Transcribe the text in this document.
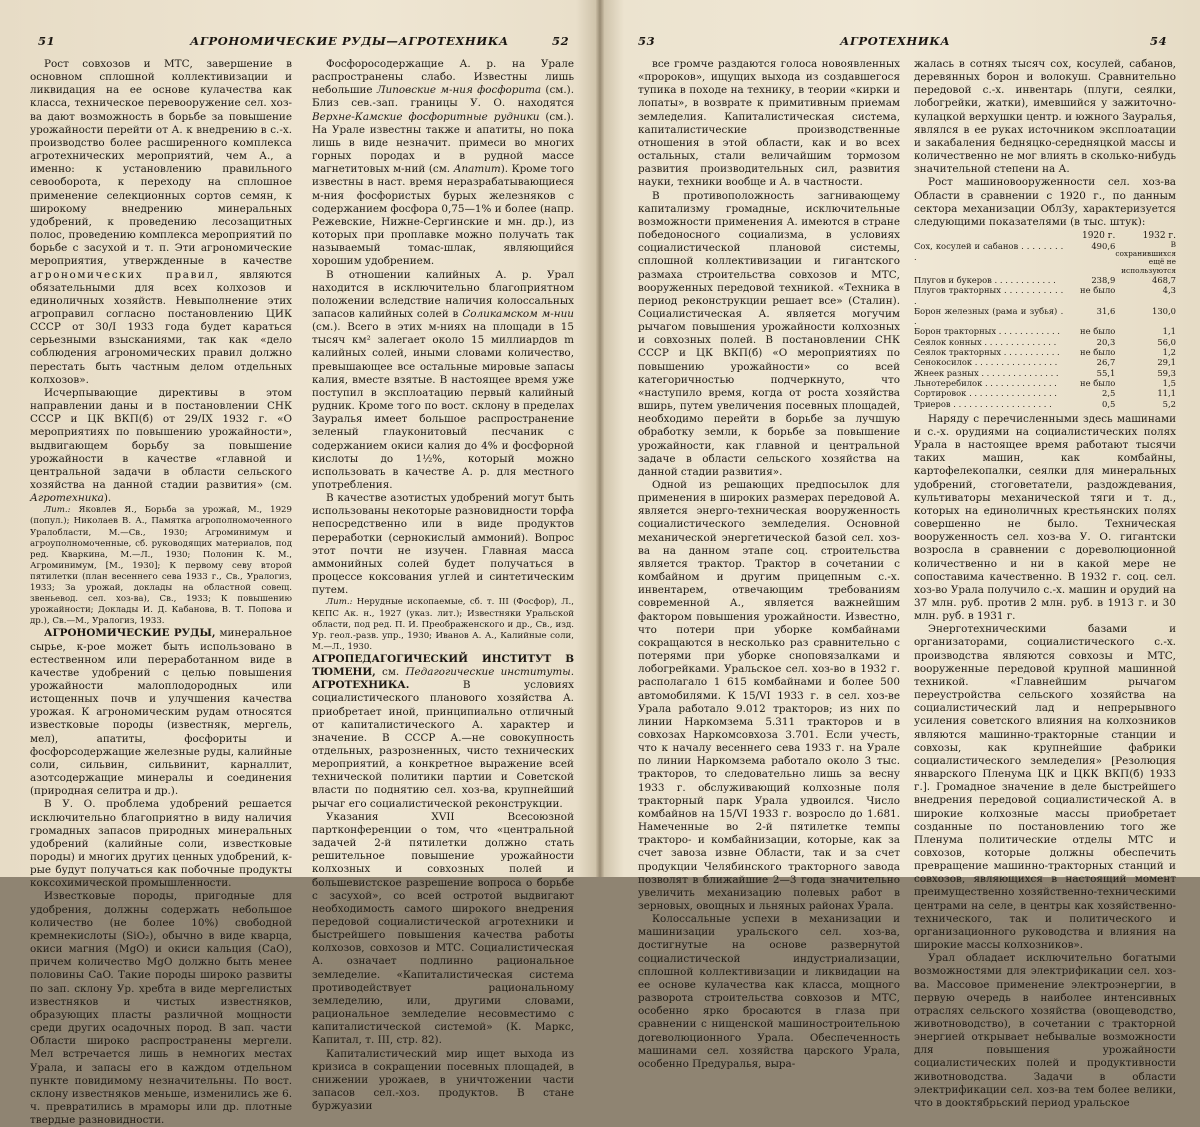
51	АГРОНОМИЧЕСКИЕ РУДЫ—АГРОТЕХНИКА	52

Рост совхозов и МТС, завершение в основном сплошной коллективизации и ликвидация на ее основе кулачества как класса, техническое перевооружение сел. хоз-ва дают возможность в борьбе за повышение урожайности перейти от А. к внедрению в с.-х. производство более расширенного комплекса агротехнических мероприятий, чем А., а именно: к установлению правильного севооборота, к переходу на сплошное применение селекционных сортов семян, к широкому внедрению минеральных удобрений, к проведению лесозащитных полос, проведению комплекса мероприятий по борьбе с засухой и т. п. Эти агрономические мероприятия, утвержденные в качестве агрономических правил, являются обязательными для всех колхозов и единоличных хозяйств. Невыполнение этих агроправил согласно постановлению ЦИК СССР от 30/I 1933 года будет караться серьезными взысканиями, так как «дело соблюдения агрономических правил должно перестать быть частным делом отдельных колхозов».

Исчерпывающие директивы в этом направлении даны и в постановлении СНК СССР и ЦК ВКП(б) от 29/IX 1932 г. «О мероприятиях по повышению урожайности», выдвигающем борьбу за повышение урожайности в качестве «главной и центральной задачи в области сельского хозяйства на данной стадии развития» (см. Агротехника).

Лит.: Яковлев Я., Борьба за урожай, М., 1929 (попул.); Николаев В. А., Памятка агрополномоченного Уралобласти, М.—Св., 1930; Агроминимум и агроуполномоченные, сб. руководящих материалов, под ред. Кваркина, М.—Л., 1930; Полонин К. М., Агроминимум, [М., 1930]; К первому севу второй пятилетки (план весеннего сева 1933 г., Св., Уралогиз, 1933; За урожай, доклады на областной совещ. звеньевод. сел. хоз-ва), Св., 1933; К повышению урожайности; Доклады И. Д. Кабанова, В. Т. Попова и др.), Св.—М., Уралогиз, 1933.

АГРОНОМИЧЕСКИЕ РУДЫ, минеральное сырье, к-рое может быть использовано в естественном или переработанном виде в качестве удобрений с целью повышения урожайности малоплодородных или истощенных почв и улучшения качества урожая. К агрономическим рудам относятся известковые породы (известняк, мергель, мел), апатиты, фосфориты и фосфорсодержащие железные руды, калийные соли, сильвин, сильвинит, карналлит, азотсодержащие минералы и соединения (природная селитра и др.).

В У. О. проблема удобрений решается исключительно благоприятно в виду наличия громадных запасов природных минеральных удобрений (калийные соли, известковые породы) и многих других ценных удобрений, к-рые будут получаться как побочные продукты коксохимической промышленности.

Известковые породы, пригодные для удобрения, должны содержать небольшое количество (не более 10%) свободной кремнекислоты (SiO₂), обычно в виде кварца, окиси магния (MgO) и окиси кальция (CaO), причем количество MgO должно быть менее половины CaO. Такие породы широко развиты по зап. склону Ур. хребта в виде мергелистых известняков и чистых известняков, образующих пласты различной мощности среди других осадочных пород. В зап. части Области широко распространены мергели. Мел встречается лишь в немногих местах Урала, и запасы его в каждом отдельном пункте повидимому незначительны. По вост. склону известняков меньше, изменились же 6. ч. превратились в мраморы или др. плотные твердые разновидности.

Фосфоросодержащие А. р. на Урале распространены слабо. Известны лишь небольшие Липовские м-ния фосфорита (см.). Близ сев.-зап. границы У. О. находятся Верхне-Камские фосфоритные рудники (см.). На Урале известны также и апатиты, но пока лишь в виде незначит. примеси во многих горных породах и в рудной массе магнетитовых м-ний (см. Апатит). Кроме того известны в наст. время неразрабатывающиеся м-ния фосфористых бурых железняков с содержанием фосфора 0,75—1% и более (напр. Режевские, Нижне-Сергинские и мн. др.), из которых при проплавке можно получать так называемый томас-шлак, являющийся хорошим удобрением.

В отношении калийных А. р. Урал находится в исключительно благоприятном положении вследствие наличия колоссальных запасов калийных солей в Соликамском м-нии (см.). Всего в этих м-ниях на площади в 15 тысяч км² залегает около 15 миллиардов m калийных солей, иными словами количество, превышающее все остальные мировые запасы калия, вместе взятые. В настоящее время уже поступил в эксплоатацию первый калийный рудник. Кроме того по вост. склону в пределах Зауралья имеет большое распространение зеленый глауконитовый песчаник с содержанием окиси калия до 4% и фосфорной кислоты до 1½%, который можно использовать в качестве А. р. для местного употребления.

В качестве азотистых удобрений могут быть использованы некоторые разновидности торфа непосредственно или в виде продуктов переработки (сернокислый аммоний). Вопрос этот почти не изучен. Главная масса аммонийных солей будет получаться в процессе коксования углей и синтетическим путем.

Лит.: Нерудные ископаемые, сб. т. III (Фосфор), Л., КЕПС Ак. н., 1927 (указ. лит.); Известняки Уральской области, под ред. П. И. Преображенского и др., Св., изд. Ур. геол.-разв. упр., 1930; Иванов А. А., Калийные соли, М.—Л., 1930.

АГРОПЕДАГОГИЧЕСКИЙ ИНСТИТУТ В ТЮМЕНИ, см. Педагогические институты. АГРОТЕХНИКА.	В условиях социалистического планового хозяйства А. приобретает иной, принципиально отличный от капиталистического А. характер и значение. В СССР А.—не совокупность отдельных, разрозненных, чисто технических мероприятий, а конкретное выражение всей технической политики партии и Советской власти по поднятию сел. хоз-ва, крупнейший рычаг его социалистической реконструкции.

Указания XVII Всесоюзной партконференции о том, что «центральной задачей 2-й пятилетки должно стать решительное повышение урожайности колхозных и совхозных полей и большевистское разрешение вопроса о борьбе с засухой», со всей остротой выдвигают необходимость самого широкого внедрения передовой социалистической агротехники и быстрейшего повышения качества работы колхозов, совхозов и МТС. Социалистическая А. означает подлинно рациональное земледелие. «Капиталистическая система противодействует рациональному земледелию, или, другими словами, рациональное земледелие несовместимо с капиталистической системой» (К. Маркс, Капитал, т. III, стр. 82).

Капиталистический мир ищет выхода из кризиса в сокращении посевных площадей, в снижении урожаев, в уничтожении части запасов сел.-хоз. продуктов. В стане буржуазии

53	АГРОТЕХНИКА	54

все громче раздаются голоса новоявленных «пророков», ищущих выхода из создавшегося тупика в походе на технику, в теории «кирки и лопаты», в возврате к примитивным приемам земледелия. Капиталистическая система, капиталистические производственные отношения в этой области, как и во всех остальных, стали величайшим тормозом развития производительных сил, развития науки, техники вообще и А. в частности.

В противоположность загнивающему капитализму громадные, исключительные возможности применения А. имеются в стране победоносного социализма, в условиях социалистической плановой системы, сплошной коллективизации и гигантского размаха строительства совхозов и МТС, вооруженных передовой техникой. «Техника в период реконструкции решает все» (Сталин). Социалистическая А. является могучим рычагом повышения урожайности колхозных и совхозных полей. В постановлении СНК СССР и ЦК ВКП(б) «О мероприятиях по повышению урожайности» со всей категоричностью подчеркнуто, что «наступило время, когда от роста хозяйства вширь, путем увеличения посевных площадей, необходимо перейти в борьбе за лучшую обработку земли, к борьбе за повышение урожайности, как главной и центральной задаче в области сельского хозяйства на данной стадии развития».

Одной из решающих предпосылок для применения в широких размерах передовой А. является энерго-техническая вооруженность социалистического земледелия. Основной механической энергетической базой сел. хоз-ва на данном этапе соц. строительства является трактор. Трактор в сочетании с комбайном и другим прицепным с.-х. инвентарем, отвечающим требованиям современной А., является важнейшим фактором повышения урожайности. Известно, что потери при уборке комбайнами сокращаются в несколько раз сравнительно с потерями при уборке сноповязалками и лобогрейками. Уральское сел. хоз-во в 1932 г. располагало 1 615 комбайнами и более 500 автомобилями. К 15/VI 1933 г. в сел. хоз-ве Урала работало 9.012 тракторов; из них по линии Наркомзема 5.311 тракторов и в совхозах Наркомсовхоза 3.701. Если учесть, что к началу весеннего сева 1933 г. на Урале по линии Наркомзема работало около 3 тыс. тракторов, то следовательно лишь за весну 1933 г. обслуживающий колхозные поля тракторный парк Урала удвоился. Число комбайнов на 15/VI 1933 г. возросло до 1.681. Намеченные во 2-й пятилетке темпы тракторо- и комбайнизации, которые, как за счет завоза извне Области, так и за счет продукции Челябинского тракторного завода позволят в ближайшие 2—3 года значительно увеличить механизацию полевых работ в зерновых, овощных и льняных районах Урала.

Колоссальные успехи в механизации и машинизации уральского сел. хоз-ва, достигнутые на основе развернутой социалистической индустриализации, сплошной коллективизации и ликвидации на ее основе кулачества как класса, мощного разворота строительства совхозов и МТС, особенно ярко бросаются в глаза при сравнении с нищенской машиностроительною доreволюционного Урала. Обеспеченность машинами сел. хозяйства царского Урала, особенно Предуралья, выра-

жалась в сотнях тысяч сох, косулей, сабанов, деревянных борон и волокуш. Сравнительно передовой с.-х. инвентарь (плуги, сеялки, лобогрейки, жатки), имевшийся у зажиточно-кулацкой верхушки центр. и южного Зауралья, являлся в ее руках источником эксплоатации и закабаления бедняцко-середняцкой массы и количественно не мог влиять в сколько-нибудь значительной степени на А.

Рост машиновооруженности сел. хоз-ва Области в сравнении с 1920 г., по данным сектора механизации ОблЗу, характеризуется следующими показателями (в тыс. штук):

	1920 г.	1932 г.
Сох, косулей и сабанов . . . . . . . . .	490,6	В сохранившихся ещё не используются
Плугов и букеров . . . . . . . . . . . .	238,9	468,7
Плугов тракторных . . . . . . . . . . . .	не было	4,3
Борон железных (рама и зубья) . .	31,6	130,0
Борон тракторных . . . . . . . . . . . .	не было	1,1
Сеялок конных . . . . . . . . . . . . . .	20,3	56,0
Сеялок тракторных . . . . . . . . . . .	не было	1,2
Сенокосилок . . . . . . . . . . . . . . . .	26,7	29,1
Жнеек разных . . . . . . . . . . . . . . .	55,1	59,3
Льнотеребилок . . . . . . . . . . . . . .	не было	1,5
Сортировок . . . . . . . . . . . . . . . . .	2,5	11,1
Триеров . . . . . . . . . . . . . . . . . . .	0,5	5,2

Наряду с перечисленными здесь машинами и с.-х. орудиями на социалистических полях Урала в настоящее время работают тысячи таких машин, как комбайны, картофелекопалки, сеялки для минеральных удобрений, стоговетатели, раздождевания, культиваторы механической тяги и т. д., которых на единоличных крестьянских полях совершенно не было. Техническая вооруженность сел. хоз-ва У. О. гигантски возросла в сравнении с дореволюционной количественно и ни в какой мере не сопоставима качественно. В 1932 г. соц. сел. хоз-во Урала получило с.-х. машин и орудий на 37 млн. руб. против 2 млн. руб. в 1913 г. и 30 млн. руб. в 1931 г.

Энерготехническими базами и организаторами, социалистического с.-х. производства являются совхозы и МТС, вооруженные передовой крупной машинной техникой. «Главнейшим рычагом переустройства сельского хозяйства на социалистический лад и непрерывного усиления советского влияния на колхозников являются машинно-тракторные станции и совхозы, как крупнейшие фабрики социалистического земледелия» [Резолюция январского Пленума ЦК и ЦКК ВКП(б) 1933 г.]. Громадное значение в деле быстрейшего внедрения передовой социалистической А. в широкие колхозные массы приобретает созданные по постановлению того же Пленума политические отделы МТС и совхозов, которые должны обеспечить превращение машинно-тракторных станций и совхозов, являющихся в настоящий момент преимущественно хозяйственно-техническими центрами на селе, в центры как хозяйственно-технического, так и политического и организационного руководства и влияния на широкие массы колхозников».

Урал обладает исключительно богатыми возможностями для электрификации сел. хоз-ва. Массовое применение электроэнергии, в первую очередь в наиболее интенсивных отраслях сельского хозяйства (овощеводство, животноводство), в сочетании с тракторной энергией открывает небывалые возможности для повышения урожайности социалистических полей и продуктивности животноводства. Задачи в области электрификации сел. хоз-ва тем более велики, что в доoктябрьский период уральское
